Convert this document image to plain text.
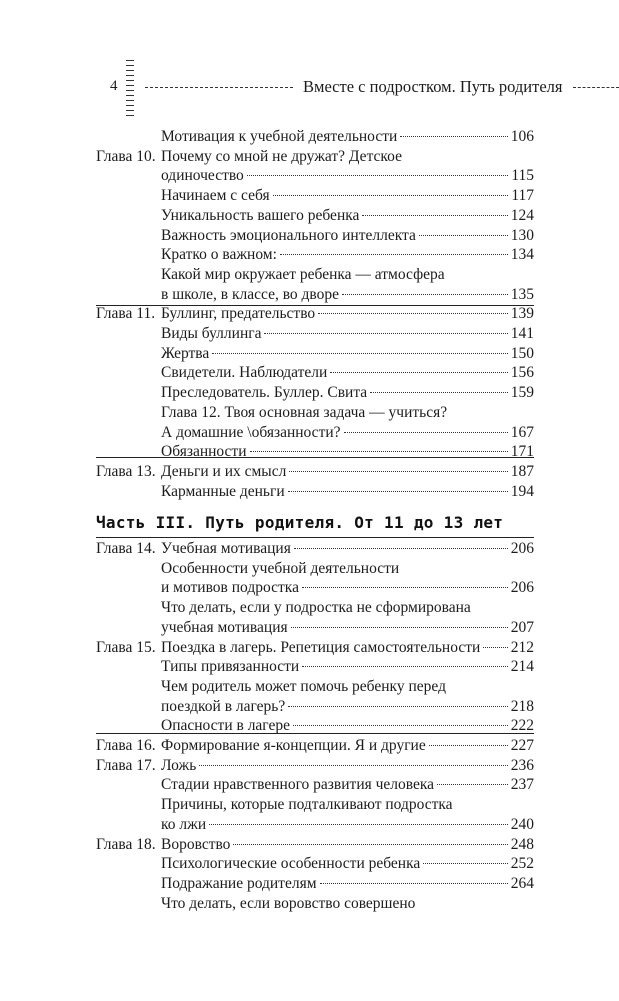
4	Вместе с подростком. Путь родителя
Часть III. Путь родителя. От 11 до 13 лет
Мотивация к учебной деятельности	106
Глава 10. Почему со мной не дружат? Детское
одиночество	115
Начинаем с себя	117
Уникальность вашего ребенка	124
Важность эмоционального интеллекта	130
Кратко о важном:	134
Какой мир окружает ребенка — атмосфера
в школе, в классе, во дворе	135
Глава 11. Буллинг, предательство	139
Виды буллинга	141
Жертва	150
Свидетели. Наблюдатели	156
Преследователь. Буллер. Свита	159
Глава 12. Твоя основная задача — учиться?
А домашние \обязанности?	167
Обязанности	171
Глава 13. Деньги и их смысл	187
Карманные деньги	194
Глава 14. Учебная мотивация	206
Особенности учебной деятельности
и мотивов подростка	206
Что делать, если у подростка не сформирована
учебная мотивация	207
Глава 15. Поездка в лагерь. Репетиция самостоятельности 212
Типы привязанности	214
Чем родитель может помочь ребенку перед
поездкой в лагерь?	218
Опасности в лагере	222
Глава 16. Формирование я-концепции. Я и другие	227
Глава 17. Ложь	236
Стадии нравственного развития человека	237
Причины, которые подталкивают подростка
ко лжи	240
Глава 18. Воровство	248
Психологические особенности ребенка	252
Подражание родителям	264
Что делать, если воровство совершено
